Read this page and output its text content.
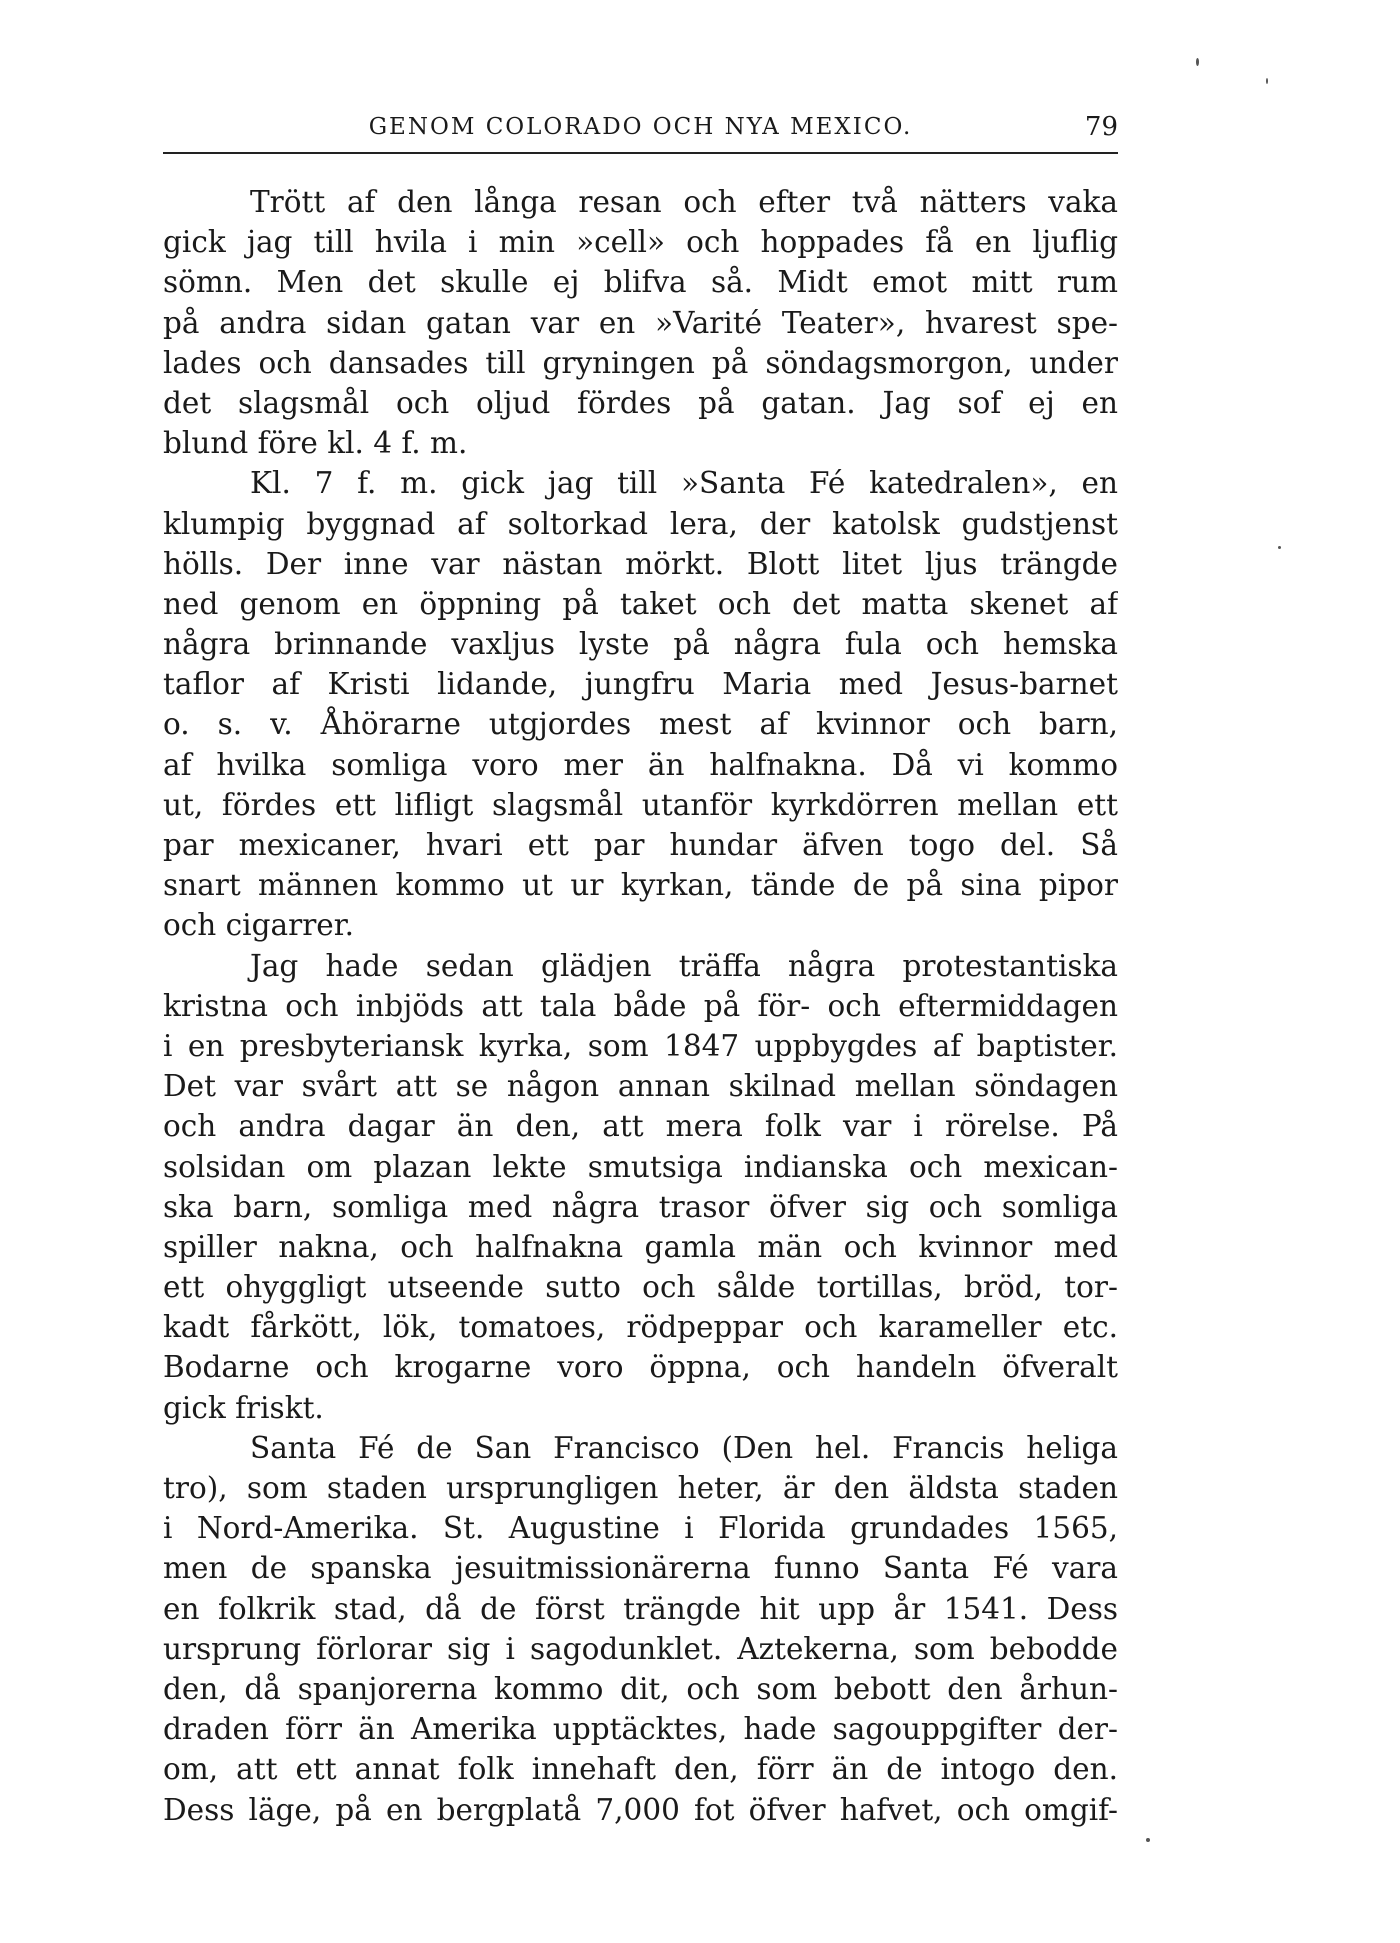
GENOM COLORADO OCH NYA MEXICO.	79
Trött af den långa resan och efter två nätters vaka
gick jag till hvila i min »cell» och hoppades få en ljuflig
sömn. Men det skulle ej blifva så. Midt emot mitt rum
på andra sidan gatan var en »Varité Teater», hvarest spe-
lades och dansades till gryningen på söndagsmorgon, under
det slagsmål och oljud fördes på gatan. Jag sof ej en
blund före kl. 4 f. m.
Kl. 7 f. m. gick jag till »Santa Fé katedralen», en
klumpig byggnad af soltorkad lera, der katolsk gudstjenst
hölls. Der inne var nästan mörkt. Blott litet ljus trängde
ned genom en öppning på taket och det matta skenet af
några brinnande vaxljus lyste på några fula och hemska
taflor af Kristi lidande, jungfru Maria med Jesus-barnet
o. s. v. Åhörarne utgjordes mest af kvinnor och barn,
af hvilka somliga voro mer än halfnakna. Då vi kommo
ut, fördes ett lifligt slagsmål utanför kyrkdörren mellan ett
par mexicaner, hvari ett par hundar äfven togo del. Så
snart männen kommo ut ur kyrkan, tände de på sina pipor
och cigarrer.
Jag hade sedan glädjen träffa några protestantiska
kristna och inbjöds att tala både på för- och eftermiddagen
i en presbyteriansk kyrka, som 1847 uppbygdes af baptister.
Det var svårt att se någon annan skilnad mellan söndagen
och andra dagar än den, att mera folk var i rörelse. På
solsidan om plazan lekte smutsiga indianska och mexican-
ska barn, somliga med några trasor öfver sig och somliga
spiller nakna, och halfnakna gamla män och kvinnor med
ett ohyggligt utseende sutto och sålde tortillas, bröd, tor-
kadt fårkött, lök, tomatoes, rödpeppar och karameller etc.
Bodarne och krogarne voro öppna, och handeln öfveralt
gick friskt.
Santa Fé de San Francisco (Den hel. Francis heliga
tro), som staden ursprungligen heter, är den äldsta staden
i Nord-Amerika. St. Augustine i Florida grundades 1565,
men de spanska jesuitmissionärerna funno Santa Fé vara
en folkrik stad, då de först trängde hit upp år 1541. Dess
ursprung förlorar sig i sagodunklet. Aztekerna, som bebodde
den, då spanjorerna kommo dit, och som bebott den århun-
draden förr än Amerika upptäcktes, hade sagouppgifter der-
om, att ett annat folk innehaft den, förr än de intogo den.
Dess läge, på en bergplatå 7,000 fot öfver hafvet, och omgif-
